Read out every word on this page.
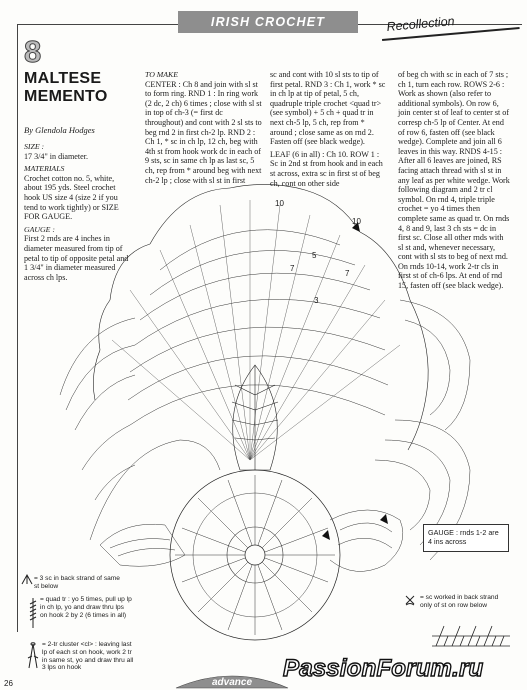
IRISH CROCHET	Recollection
8
MALTESE
MEMENTO
By Glendola Hodges

SIZE :
17 3/4" in diameter.

MATERIALS
Crochet cotton no. 5, white, about 195 yds. Steel crochet hook US size 4 (size 2 if you tend to work tightly) or SIZE FOR GAUGE.

GAUGE :
First 2 rnds are 4 inches in diameter measured from tip of petal to tip of opposite petal and 1 3/4" in diameter measured across ch lps.

TO MAKE
CENTER : Ch 8 and join with sl st to form ring. RND 1 : In ring work (2 dc, 2 ch) 6 times ; close with sl st in top of ch-3 (= first dc throughout) and cont with 2 sl sts to beg rnd 2 in first ch-2 lp. RND 2 : Ch 1, * sc in ch lp, 12 ch, beg with 4th st from hook work dc in each of 9 sts, sc in same ch lp as last sc, 5 ch, rep from * around beg with next ch-2 lp ; close with sl st in first

sc and cont with 10 sl sts to tip of first petal. RND 3 : Ch 1, work * sc in ch lp at tip of petal, 5 ch, quadruple triple crochet <quad tr> (see symbol) + 5 ch + quad tr in next ch-5 lp, 5 ch, rep from * around ; close same as on rnd 2. Fasten off (see black wedge).

LEAF (6 in all) : Ch 10. ROW 1 : Sc in 2nd st from hook and in each st across, extra sc in first st of beg ch, cont on other side

of beg ch with sc in each of 7 sts ; ch 1, turn each row. ROWS 2-6 : Work as shown (also refer to additional symbols). On row 6, join center st of leaf to center st of corresp ch-5 lp of Center. At end of row 6, fasten off (see black wedge). Complete and join all 6 leaves in this way. RNDS 4-15 : After all 6 leaves are joined, RS facing attach thread with sl st in any leaf as per white wedge. Work following diagram and 2 tr cl symbol. On rnd 4, triple triple crochet = yo 4 times then complete same as quad tr. On rnds 4, 8 and 9, last 3 ch sts = dc in first sc. Close all other rnds with sl st and, whenever necessary, cont with sl sts to beg of next rnd. On rnds 10-14, work 2-tr cls in first st of ch-6 lps. At end of rnd 15, fasten off (see black wedge).
10
10
7
7
5
3
GAUGE : rnds 1-2 are 4 ins across
= 3 sc in back strand of same st below
= quad tr : yo 5 times, pull up lp in ch lp, yo and draw thru lps on hook 2 by 2 (6 times in all)
= 2-tr cluster <cl> : leaving last lp of each st on hook, work 2 tr in same st, yo and draw thru all 3 lps on hook
= sc worked in back strand only of st on row below
26	advance
PassionForum.ru
